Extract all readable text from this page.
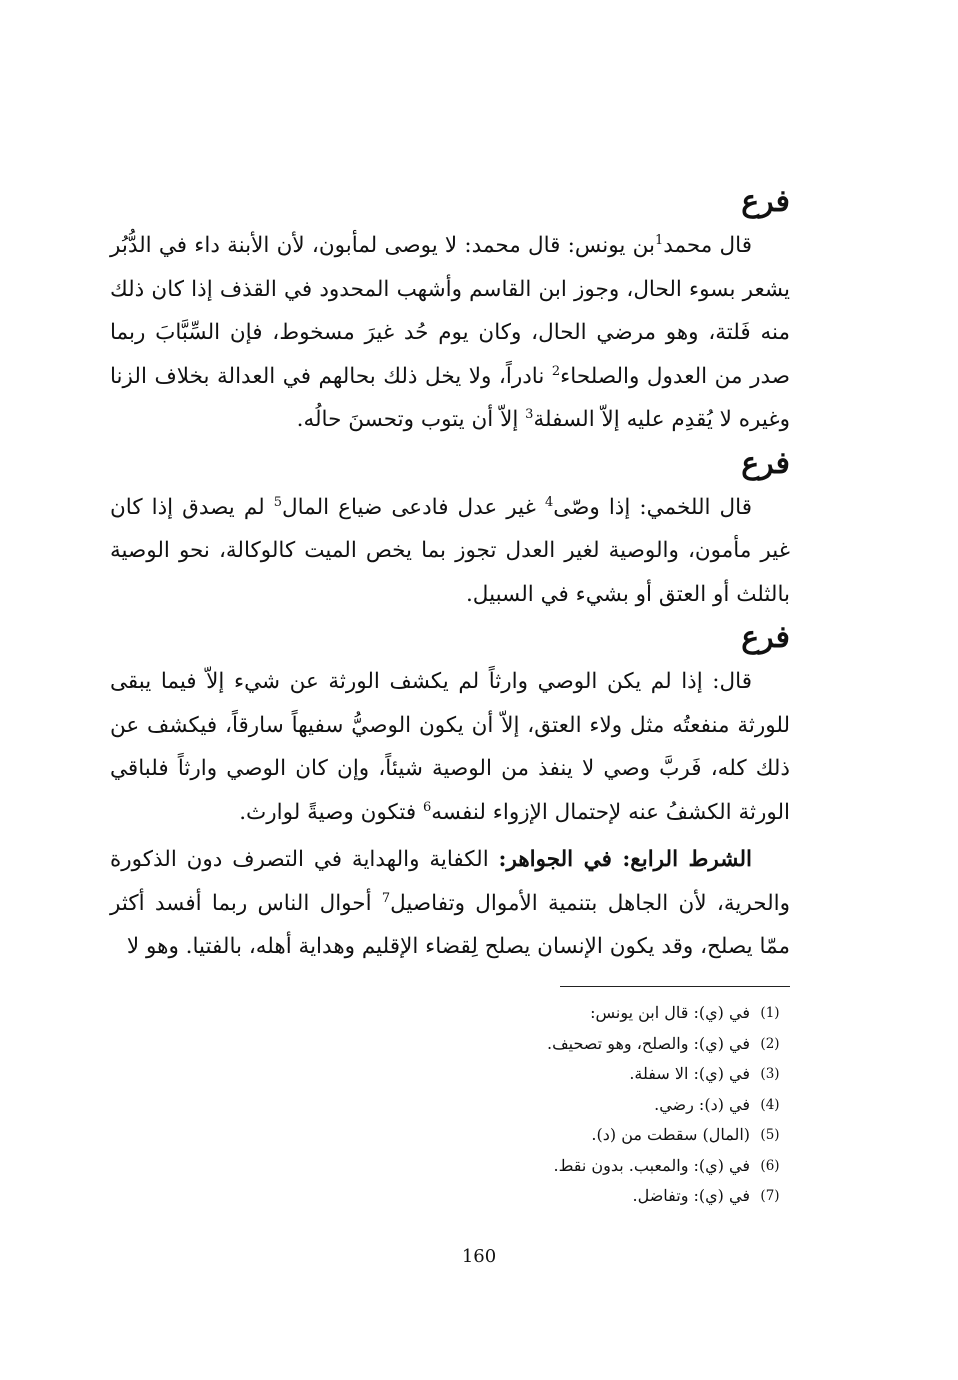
فرع

قال محمد$^1$بن يونس: قال محمد: لا يوصى لمأبون، لأن الأبنة داء في الدُّبُر يشعر بسوء الحال، وجوز ابن القاسم وأشهب المحدود في القذف إذا كان ذلك منه فَلتة، وهو مرضي الحال، وكان يوم حُد غيرَ مسخوط، فإن السِّبَّابَ ربما صدر من العدول والصلحاء$^2$ نادراً، ولا يخل ذلك بحالهم في العدالة بخلاف الزنا وغيره لا يُقدِم عليه إلاّ السفلة$^3$ إلاّ أن يتوب وتحسنَ حالُه.

فرع

قال اللخمي: إذا وصّى$^4$ غير عدل فادعى ضياع المال$^5$ لم يصدق إذا كان غير مأمون، والوصية لغير العدل تجوز بما يخص الميت كالوكالة، نحو الوصية بالثلث أو العتق أو بشيء في السبيل.

فرع

قال: إذا لم يكن الوصي وارثاً لم يكشف الورثة عن شيء إلاّ فيما يبقى للورثة منفعتُه مثل ولاء العتق، إلاّ أن يكون الوصيُّ سفيهاً سارقاً، فيكشف عن ذلك كله، فَربَّ وصي لا ينفذ من الوصية شيئاً، وإن كان الوصي وارثاً فلباقي الورثة الكشفُ عنه لإحتمال الإزواء لنفسه$^6$ فتكون وصيةً لوارث.

الشرط الرابع: في الجواهر: الكفاية والهداية في التصرف دون الذكورة والحرية، لأن الجاهل بتنمية الأموال وتفاصيل$^7$ أحوال الناس ربما أفسد أكثر ممّا يصلح، وقد يكون الإنسان يصلح لِقضاء الإقليم وهداية أهله، بالفتيا. وهو لا

(1)
في (ي): قال ابن يونس:
(2)
في (ي): والصلح، وهو تصحيف.
(3)
في (ي): الا سفلة.
(4)
في (د): رضي.
(5)
(المال) سقطت من (د).
(6)
في (ي): والمعبب. بدون نقط.
(7)
في (ي): وتفاضل.
160
